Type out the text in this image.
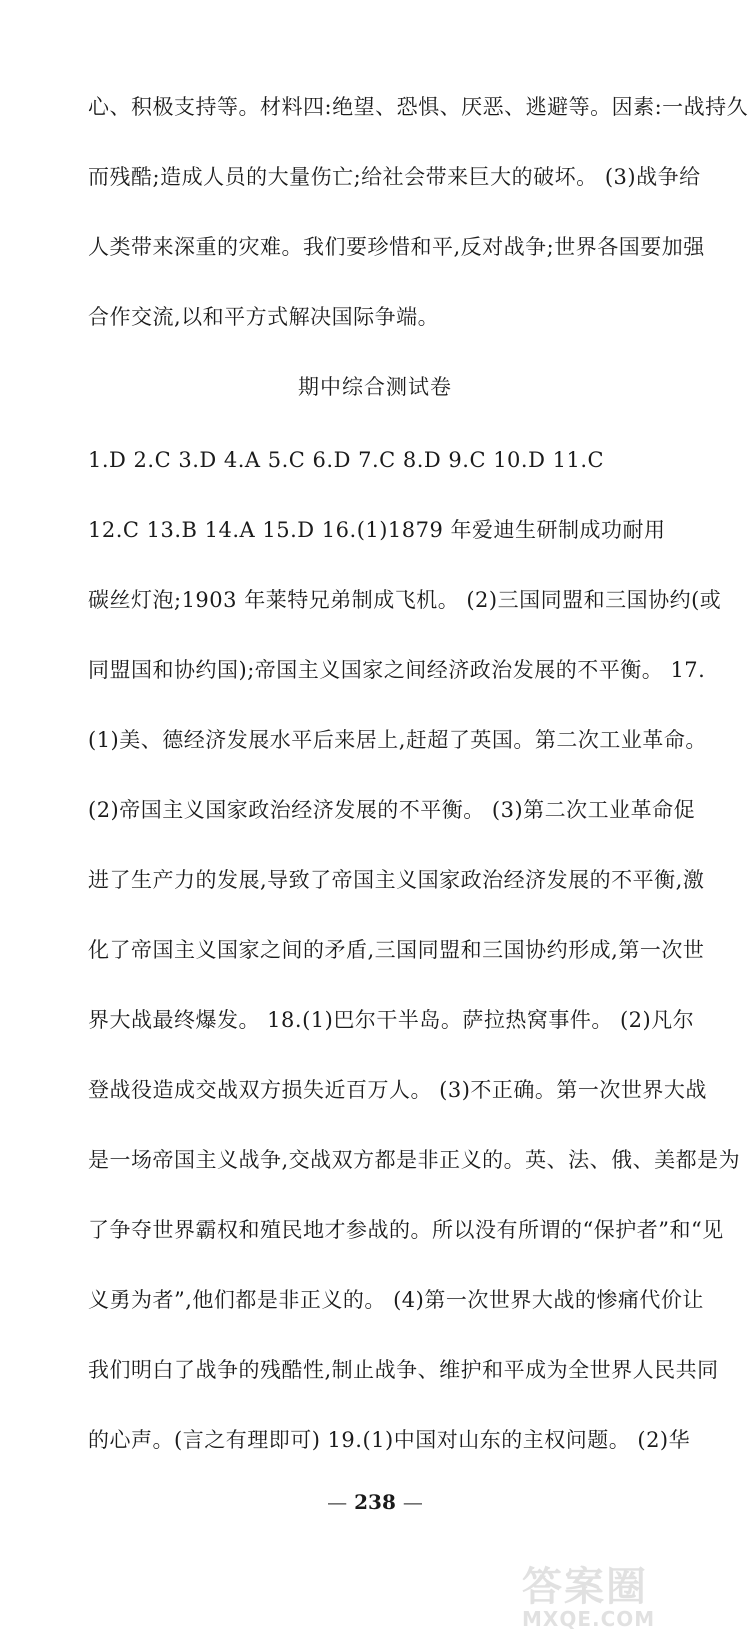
心、积极支持等。材料四:绝望、恐惧、厌恶、逃避等。因素:一战持久
而残酷;造成人员的大量伤亡;给社会带来巨大的破坏。 (3)战争给
人类带来深重的灾难。我们要珍惜和平,反对战争;世界各国要加强
合作交流,以和平方式解决国际争端。
期中综合测试卷
1.D 2.C 3.D 4.A 5.C 6.D 7.C 8.D 9.C 10.D 11.C
12.C 13.B 14.A 15.D 16.(1)1879 年爱迪生研制成功耐用
碳丝灯泡;1903 年莱特兄弟制成飞机。 (2)三国同盟和三国协约(或
同盟国和协约国);帝国主义国家之间经济政治发展的不平衡。 17.
(1)美、德经济发展水平后来居上,赶超了英国。第二次工业革命。
(2)帝国主义国家政治经济发展的不平衡。 (3)第二次工业革命促
进了生产力的发展,导致了帝国主义国家政治经济发展的不平衡,激
化了帝国主义国家之间的矛盾,三国同盟和三国协约形成,第一次世
界大战最终爆发。 18.(1)巴尔干半岛。萨拉热窝事件。 (2)凡尔
登战役造成交战双方损失近百万人。 (3)不正确。第一次世界大战
是一场帝国主义战争,交战双方都是非正义的。英、法、俄、美都是为
了争夺世界霸权和殖民地才参战的。所以没有所谓的“保护者”和“见
义勇为者”,他们都是非正义的。 (4)第一次世界大战的惨痛代价让
我们明白了战争的残酷性,制止战争、维护和平成为全世界人民共同
的心声。(言之有理即可) 19.(1)中国对山东的主权问题。 (2)华
— 238 —
答案圈
MXQE.COM
